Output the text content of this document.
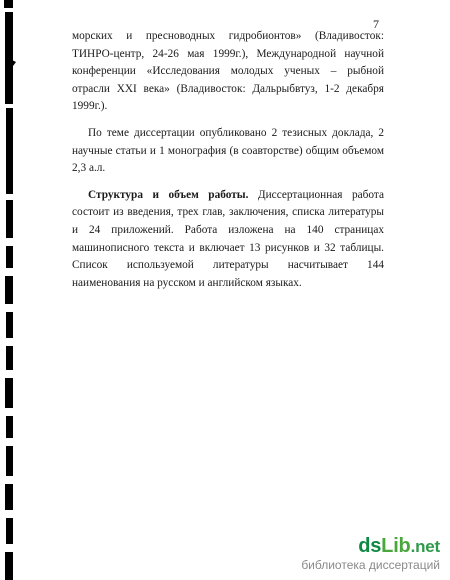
7

морских и пресноводных гидробионтов» (Владивосток: ТИНРО-центр, 24-26 мая 1999г.), Международной научной конференции «Исследования молодых ученых – рыбной отрасли XXI века» (Владивосток: Дальрыбвтуз, 1-2 декабря 1999г.).

По теме диссертации опубликовано 2 тезисных доклада, 2 научные статьи и 1 монография (в соавторстве) общим объемом 2,3 а.л.

Структура и объем работы. Диссертационная работа состоит из введения, трех глав, заключения, списка литературы и 24 приложений. Работа изложена на 140 страницах машинописного текста и включает 13 рисунков и 32 таблицы. Список используемой литературы насчитывает 144 наименования на русском и английском языках.

dsLib.net
библиотека диссертаций
